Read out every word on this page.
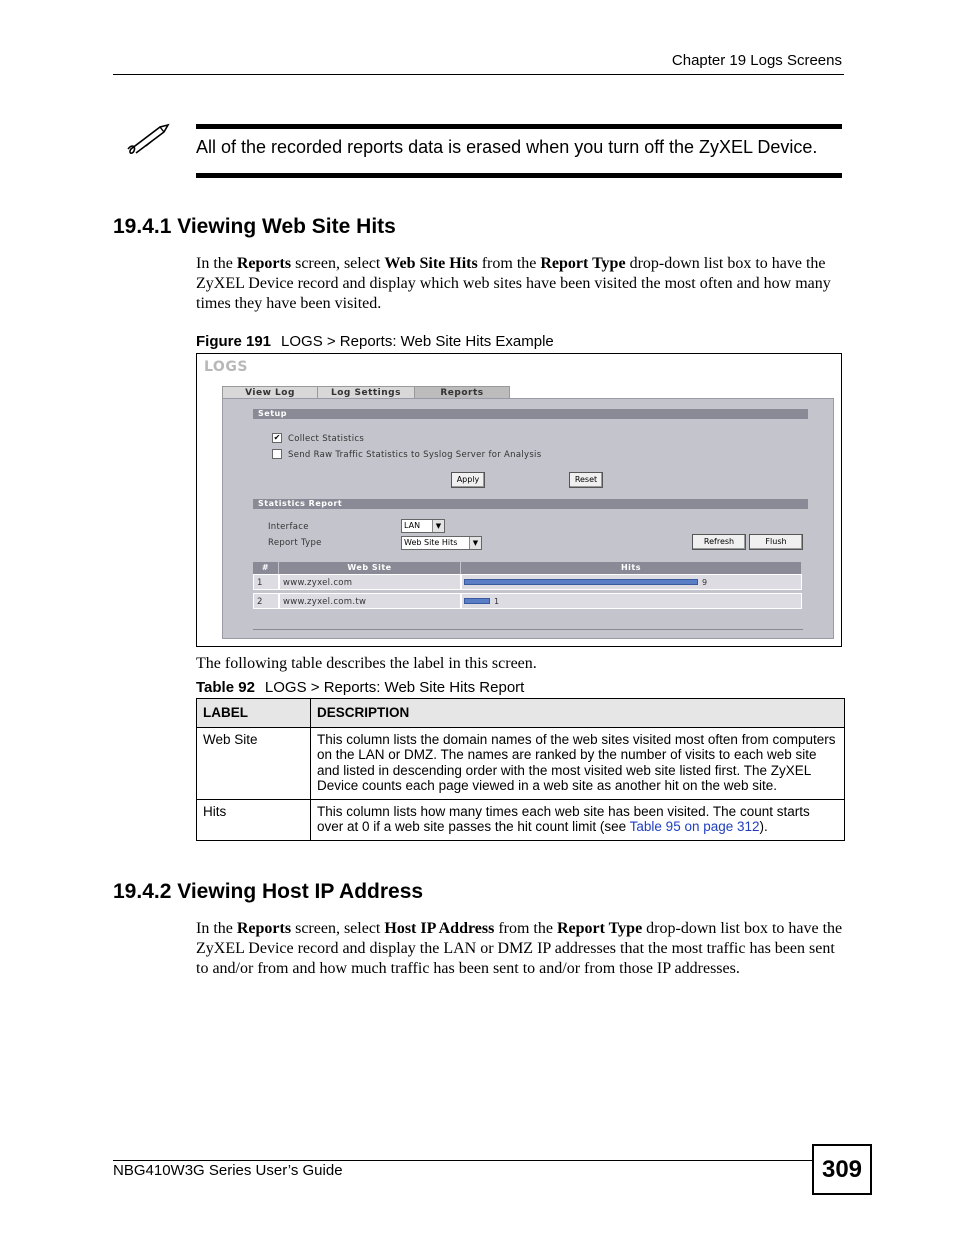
Chapter 19 Logs Screens
All of the recorded reports data is erased when you turn off the ZyXEL Device.
19.4.1 Viewing Web Site Hits
In the Reports screen, select Web Site Hits from the Report Type drop-down list box to have the ZyXEL Device record and display which web sites have been visited the most often and how many times they have been visited.
Figure 191 LOGS > Reports: Web Site Hits Example
LOGS
View Log	Log Settings	Reports
Setup
✔ Collect Statistics
Send Raw Traffic Statistics to Syslog Server for Analysis
Apply	Reset
Statistics Report
Interface	LAN	▼
Report Type	Web Site Hits	▼	Refresh	Flush
#	Web Site	Hits
1	www.zyxel.com	9
2	www.zyxel.com.tw	1
The following table describes the label in this screen.
Table 92 LOGS > Reports: Web Site Hits Report
LABEL	DESCRIPTION
Web Site	This column lists the domain names of the web sites visited most often from computers on the LAN or DMZ. The names are ranked by the number of visits to each web site and listed in descending order with the most visited web site listed first. The ZyXEL Device counts each page viewed in a web site as another hit on the web site.
Hits	This column lists how many times each web site has been visited. The count starts over at 0 if a web site passes the hit count limit (see Table 95 on page 312).
19.4.2 Viewing Host IP Address
In the Reports screen, select Host IP Address from the Report Type drop-down list box to have the ZyXEL Device record and display the LAN or DMZ IP addresses that the most traffic has been sent to and/or from and how much traffic has been sent to and/or from those IP addresses.
NBG410W3G Series User’s Guide	309
